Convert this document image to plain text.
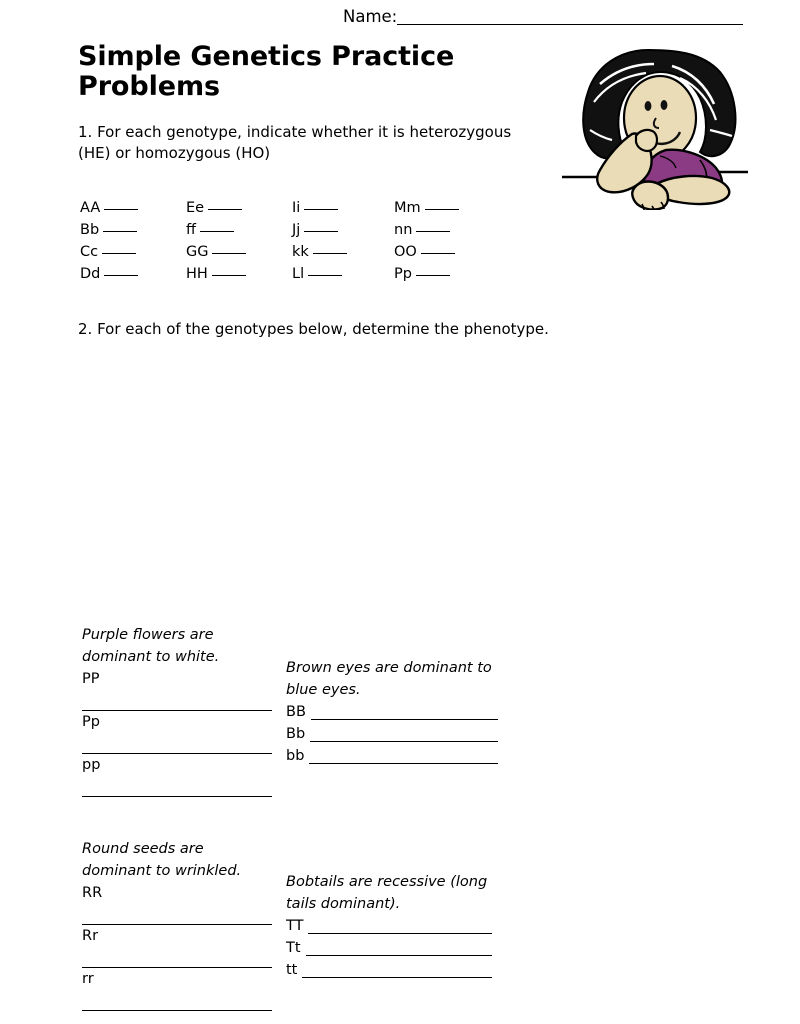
Name:
Simple Genetics Practice Problems
1. For each genotype, indicate whether it is heterozygous (HE) or homozygous (HO)
AA	Ee	Ii	Mm
Bb	ff	Jj	nn
Cc	GG	kk	OO
Dd	HH	Ll	Pp
2. For each of the genotypes below, determine the phenotype.
Purple flowers are dominant to white.
PP
Pp
pp
Brown eyes are dominant to blue eyes.
BB
Bb
bb
Round seeds are dominant to wrinkled.
RR
Rr
rr
Bobtails are recessive (long tails dominant).
TT
Tt
tt
